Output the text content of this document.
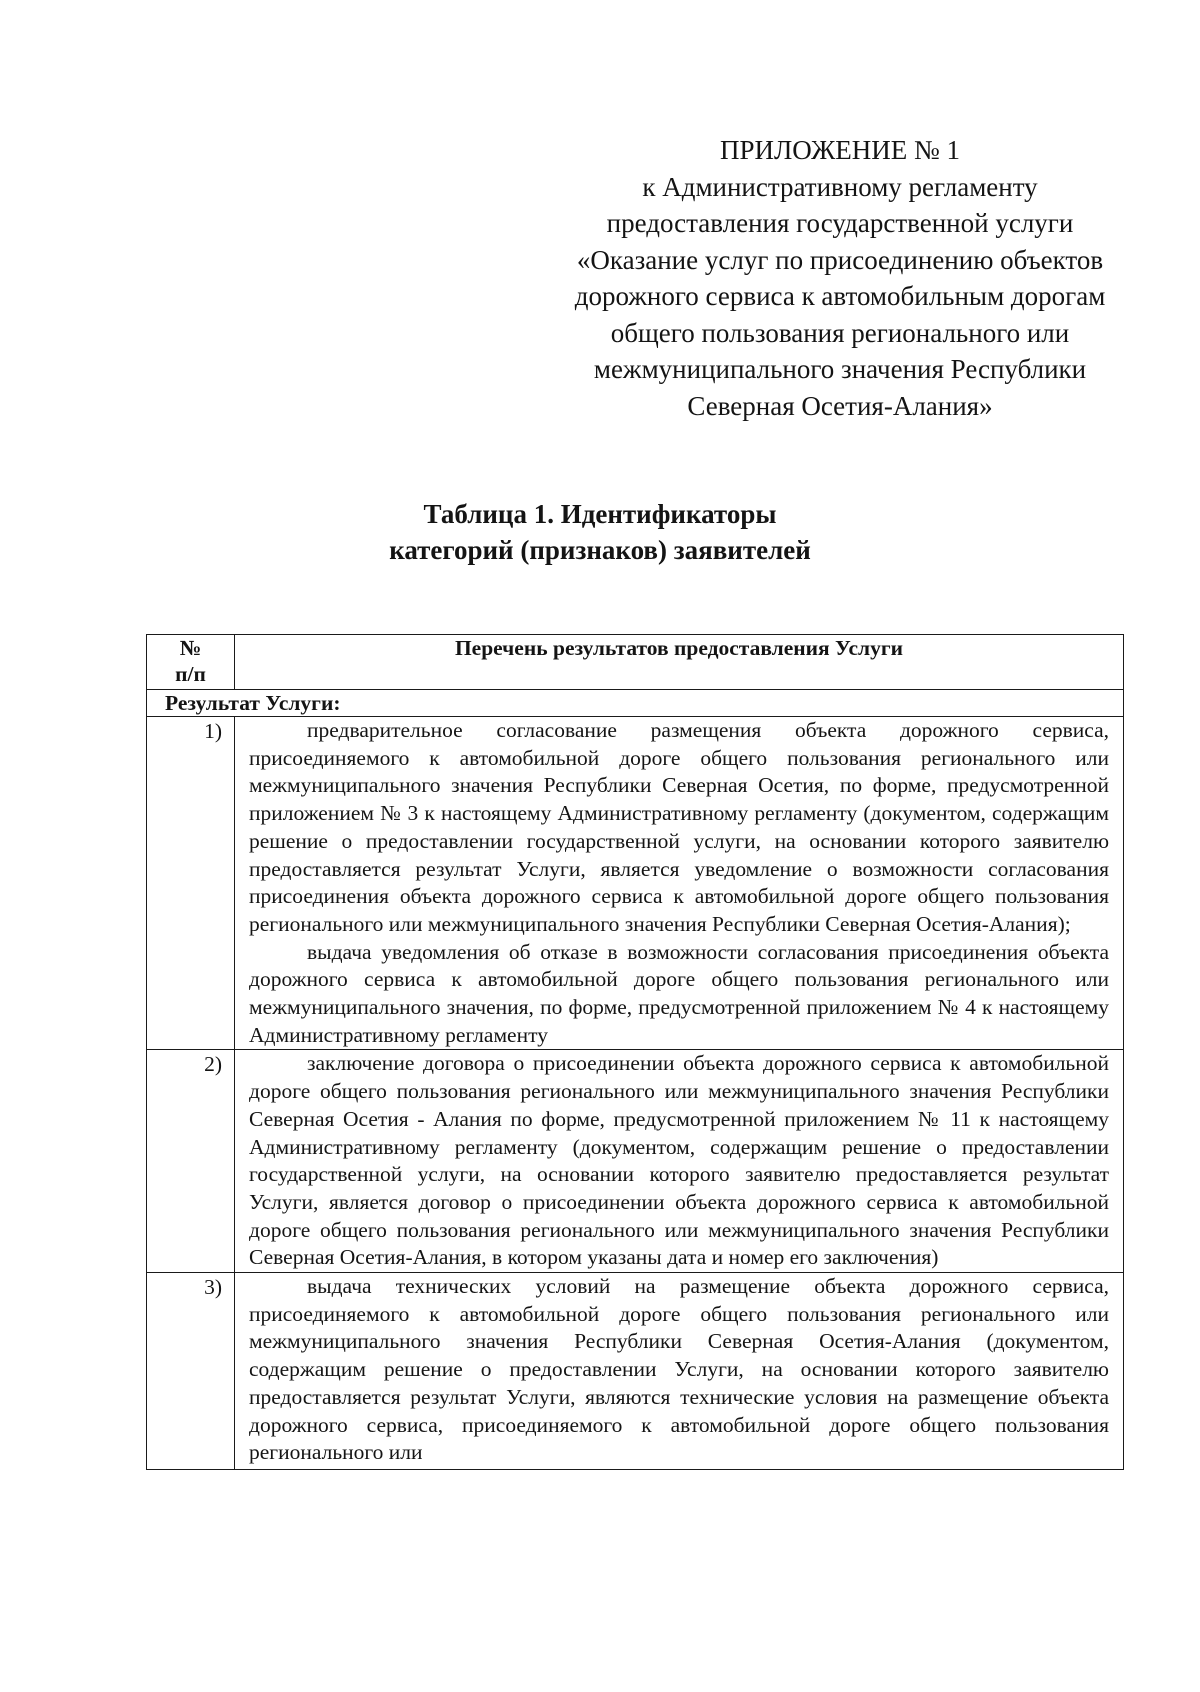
ПРИЛОЖЕНИЕ № 1
к Административному регламенту
предоставления государственной услуги
«Оказание услуг по присоединению объектов
дорожного сервиса к автомобильным дорогам
общего пользования регионального или
межмуниципального значения Республики
Северная Осетия-Алания»
Таблица 1. Идентификаторы
категорий (признаков) заявителей
№
п/п	Перечень результатов предоставления Услуги
Результат Услуги:	
1)	предварительное согласование размещения объекта дорожного сервиса, присоединяемого к автомобильной дороге общего пользования регионального или межмуниципального значения Республики Северная Осетия, по форме, предусмотренной приложением № 3 к настоящему Административному регламенту (документом, содержащим решение о предоставлении государственной услуги, на основании которого заявителю предоставляется результат Услуги, является уведомление о возможности согласования присоединения объекта дорожного сервиса к автомобильной дороге общего пользования регионального или межмуниципального значения Республики Северная Осетия-Алания);

выдача уведомления об отказе в возможности согласования присоединения объекта дорожного сервиса к автомобильной дороге общего пользования регионального или межмуниципального значения, по форме, предусмотренной приложением № 4 к настоящему Административному регламенту

2)	заключение договора о присоединении объекта дорожного сервиса к автомобильной дороге общего пользования регионального или межмуниципального значения Республики Северная Осетия - Алания по форме, предусмотренной приложением № 11 к настоящему Административному регламенту (документом, содержащим решение о предоставлении государственной услуги, на основании которого заявителю предоставляется результат Услуги, является договор о присоединении объекта дорожного сервиса к автомобильной дороге общего пользования регионального или межмуниципального значения Республики Северная Осетия-Алания, в котором указаны дата и номер его заключения)

3)	выдача технических условий на размещение объекта дорожного сервиса, присоединяемого к автомобильной дороге общего пользования регионального или межмуниципального значения Республики Северная Осетия-Алания (документом, содержащим решение о предоставлении Услуги, на основании которого заявителю предоставляется результат Услуги, являются технические условия на размещение объекта дорожного сервиса, присоединяемого к автомобильной дороге общего пользования регионального или
